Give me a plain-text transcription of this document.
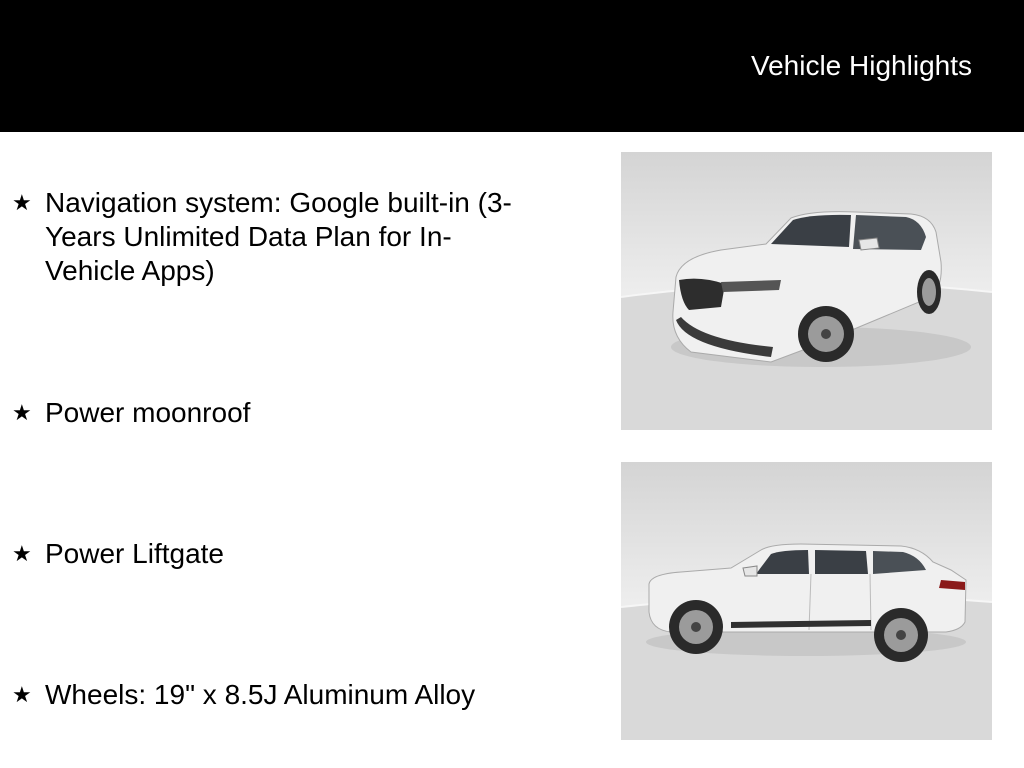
Vehicle Highlights
★ Navigation system: Google built-in (3-Years Unlimited Data Plan for In-Vehicle Apps)
★ Power moonroof
★ Power Liftgate
★ Wheels: 19" x 8.5J Aluminum Alloy
